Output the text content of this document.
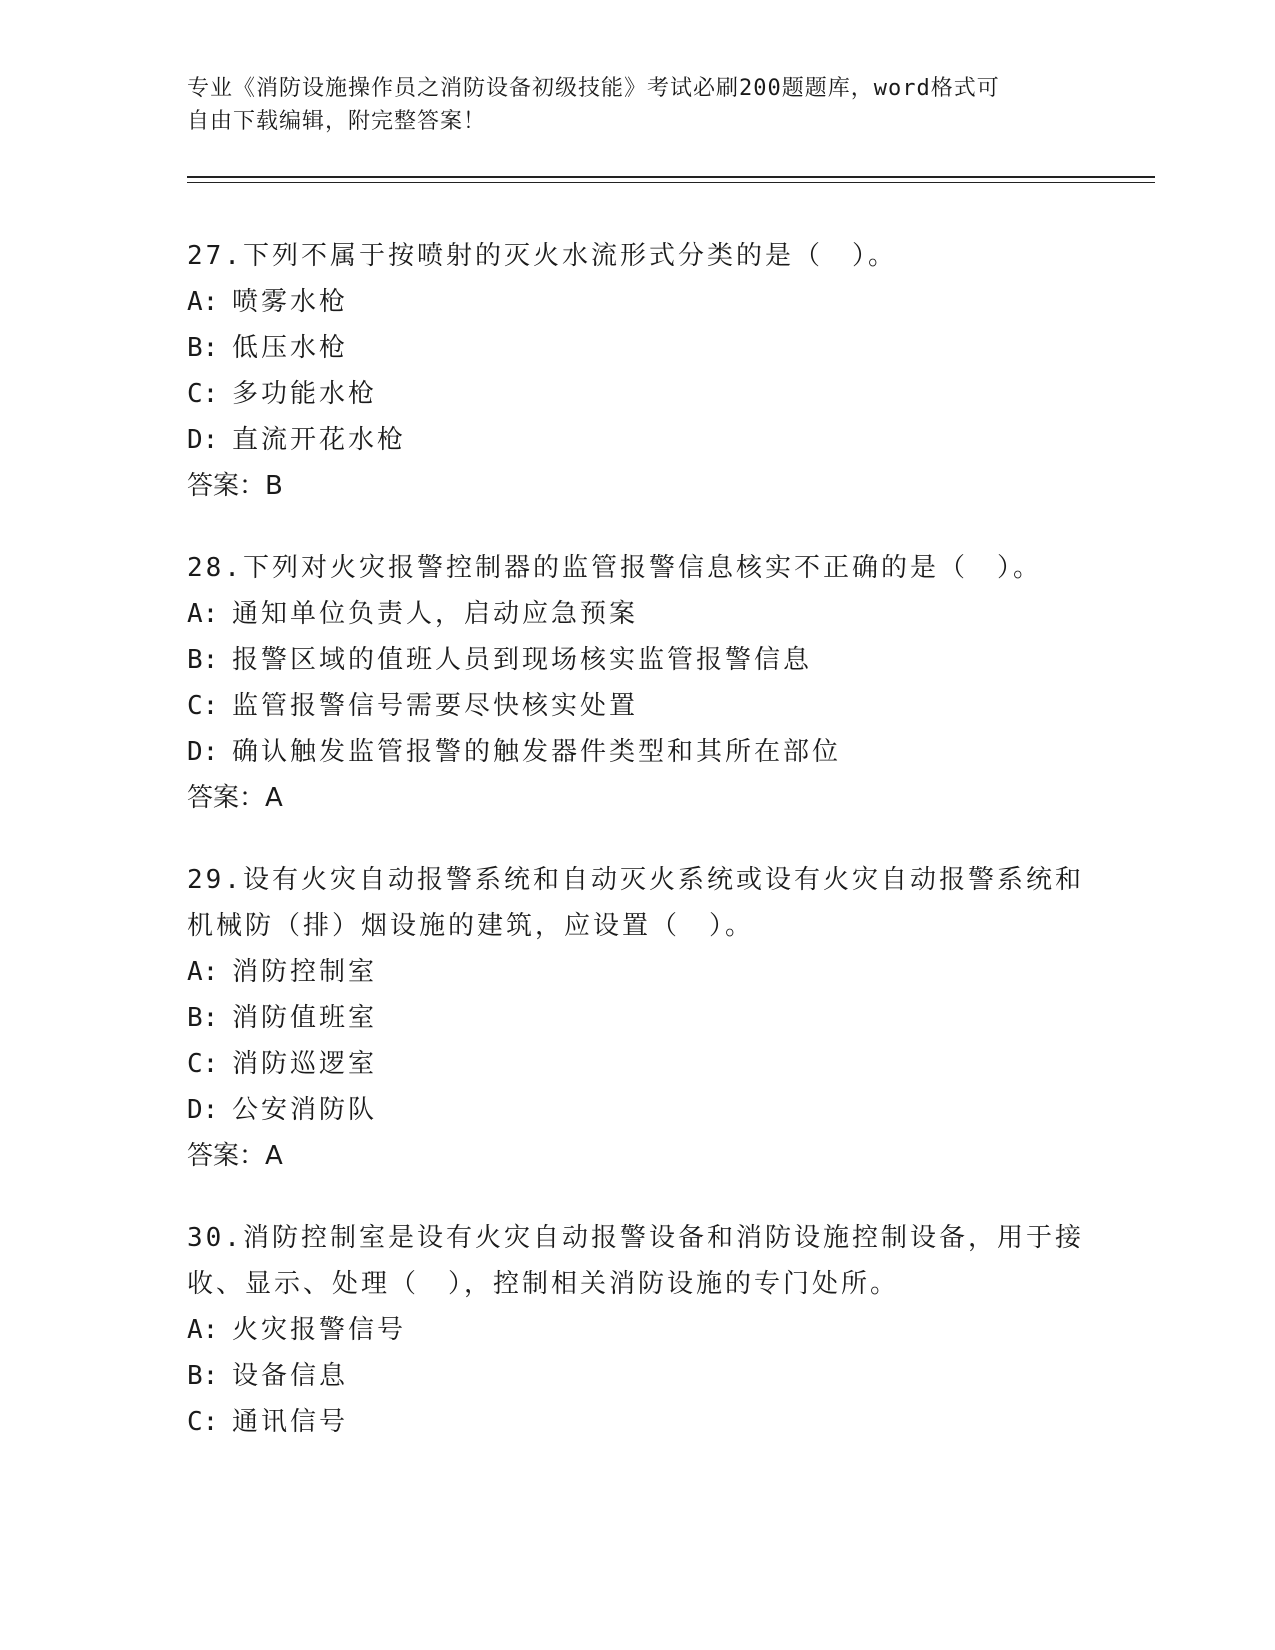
专业《消防设施操作员之消防设备初级技能》考试必刷200题题库，word格式可
自由下载编辑，附完整答案！

27.下列不属于按喷射的灭火水流形式分类的是（　）。

A: 喷雾水枪

B: 低压水枪

C: 多功能水枪

D: 直流开花水枪

答案：B

28.下列对火灾报警控制器的监管报警信息核实不正确的是（　）。

A: 通知单位负责人，启动应急预案

B: 报警区域的值班人员到现场核实监管报警信息

C: 监管报警信号需要尽快核实处置

D: 确认触发监管报警的触发器件类型和其所在部位

答案：A

29.设有火灾自动报警系统和自动灭火系统或设有火灾自动报警系统和机械防（排）烟设施的建筑，应设置（　）。

A: 消防控制室

B: 消防值班室

C: 消防巡逻室

D: 公安消防队

答案：A

30.消防控制室是设有火灾自动报警设备和消防设施控制设备，用于接收、显示、处理（　），控制相关消防设施的专门处所。

A: 火灾报警信号

B: 设备信息

C: 通讯信号
